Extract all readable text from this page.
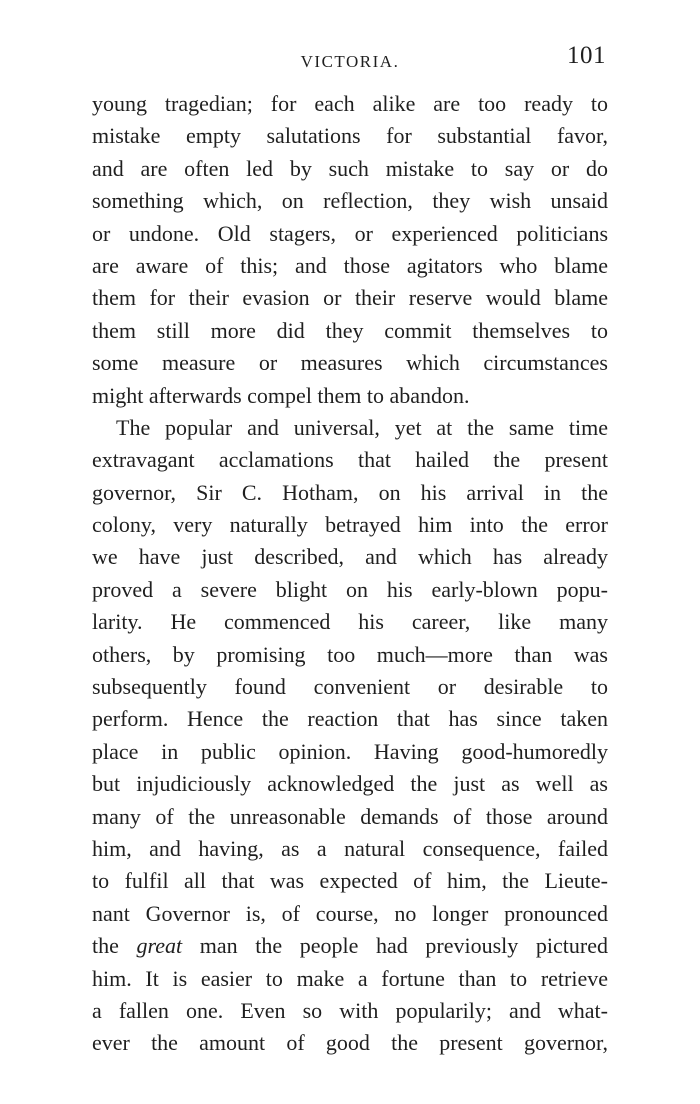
VICTORIA.	101
young tragedian; for each alike are too ready to
mistake empty salutations for substantial favor,
and are often led by such mistake to say or do
something which, on reflection, they wish unsaid
or undone. Old stagers, or experienced politicians
are aware of this; and those agitators who blame
them for their evasion or their reserve would blame
them still more did they commit themselves to
some measure or measures which circumstances
might afterwards compel them to abandon.
The popular and universal, yet at the same time
extravagant acclamations that hailed the present
governor, Sir C. Hotham, on his arrival in the
colony, very naturally betrayed him into the error
we have just described, and which has already
proved a severe blight on his early-blown popu-
larity. He commenced his career, like many
others, by promising too much—more than was
subsequently found convenient or desirable to
perform. Hence the reaction that has since taken
place in public opinion. Having good-humoredly
but injudiciously acknowledged the just as well as
many of the unreasonable demands of those around
him, and having, as a natural consequence, failed
to fulfil all that was expected of him, the Lieute-
nant Governor is, of course, no longer pronounced
the great man the people had previously pictured
him. It is easier to make a fortune than to retrieve
a fallen one. Even so with popularily; and what-
ever the amount of good the present governor,
